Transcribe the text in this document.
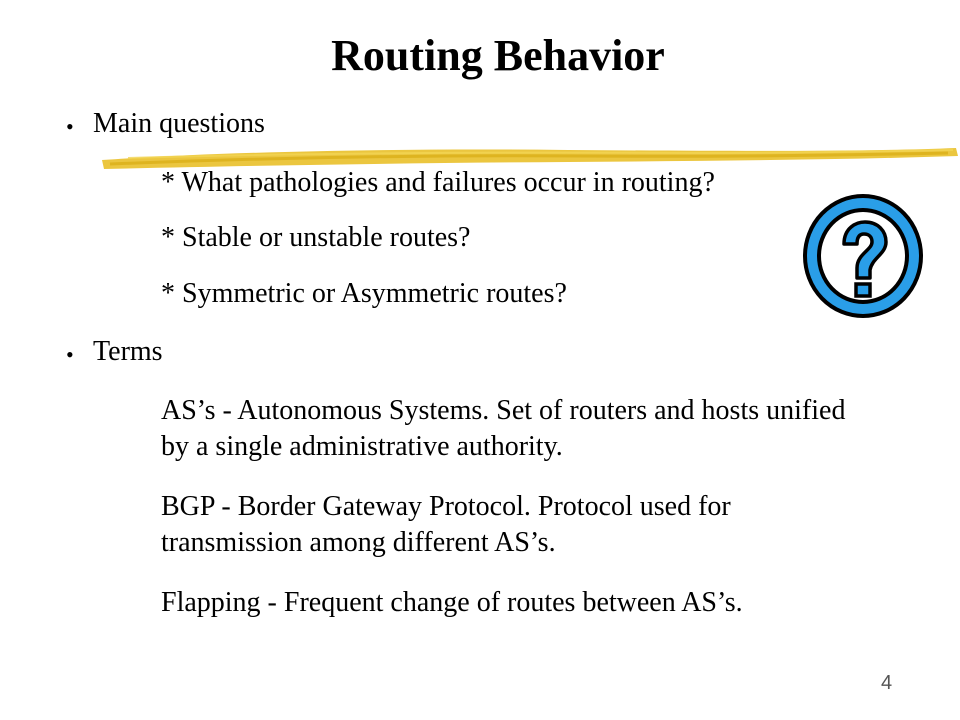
Routing Behavior
• Main questions
* What pathologies and failures occur in routing?
* Stable or unstable routes?
* Symmetric or Asymmetric routes?
• Terms
AS’s - Autonomous Systems. Set of routers and hosts unified by a single administrative authority.
BGP - Border Gateway Protocol. Protocol used for transmission among different AS’s.
Flapping - Frequent change of routes between AS’s.
4
